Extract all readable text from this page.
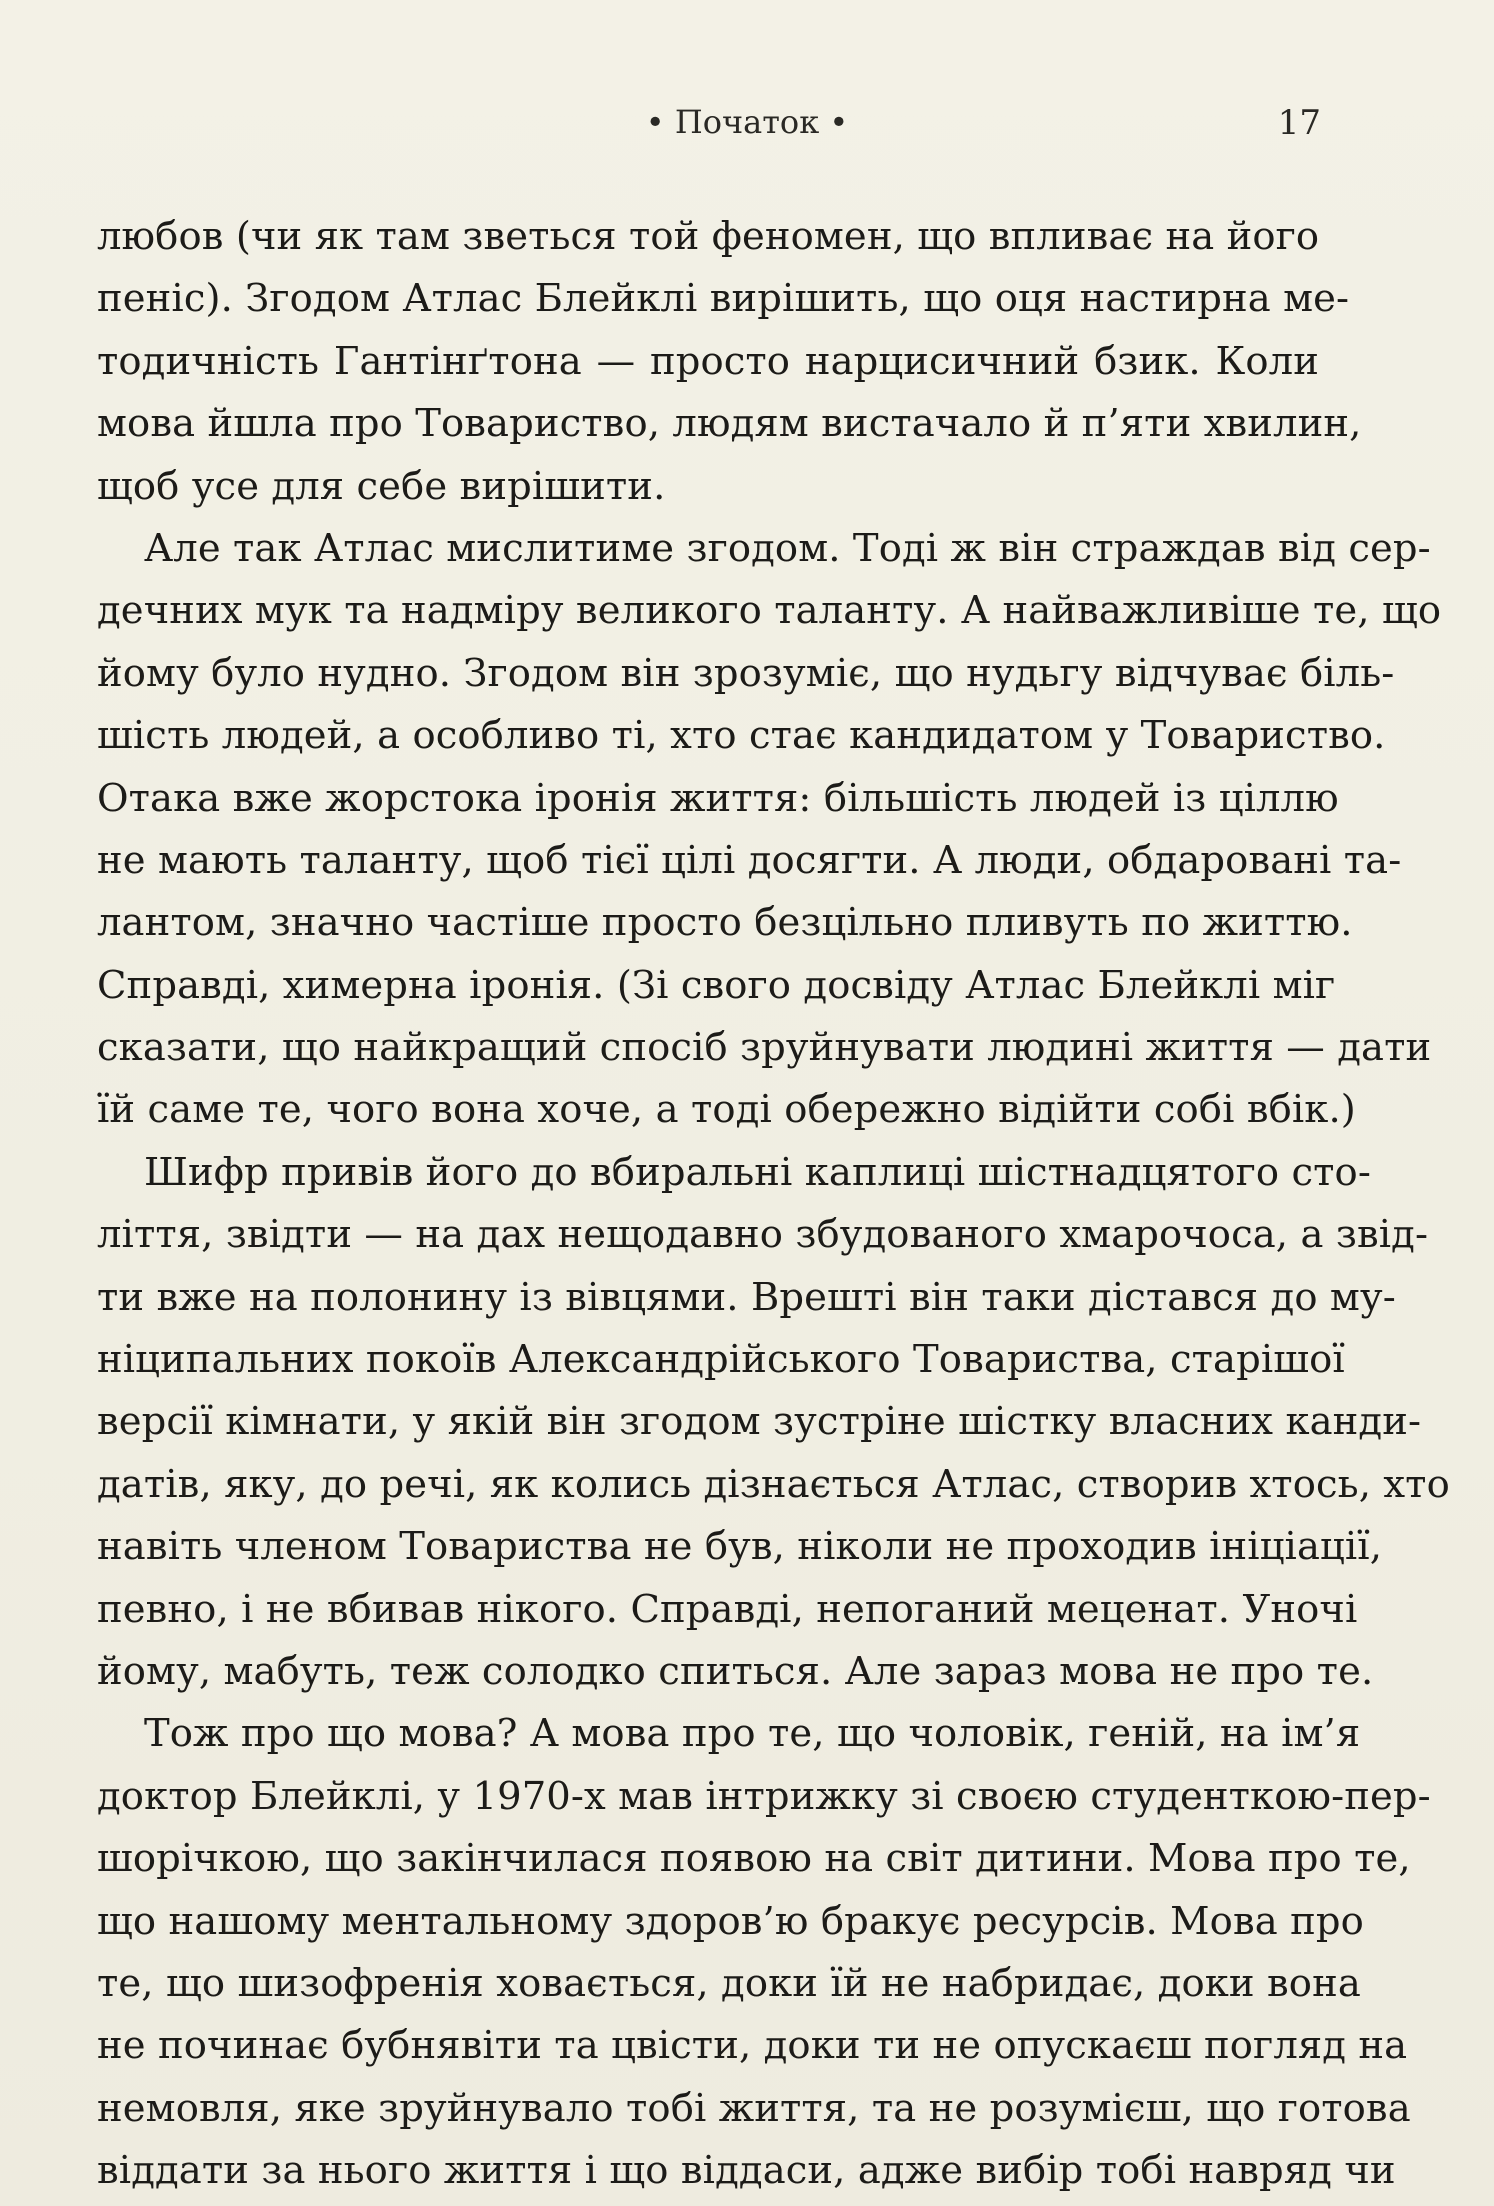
• Початок •	17
любов (чи як там зветься той феномен, що впливає на його
пеніс). Згодом Атлас Блейклі вирішить, що оця настирна ме-
тодичність Гантінґтона — просто нарцисичний бзик. Коли
мова йшла про Товариство, людям вистачало й п’яти хвилин,
щоб усе для себе вирішити.
Але так Атлас мислитиме згодом. Тоді ж він страждав від сер-
дечних мук та надміру великого таланту. А найважливіше те, що
йому було нудно. Згодом він зрозуміє, що нудьгу відчуває біль-
шість людей, а особливо ті, хто стає кандидатом у Товариство.
Отака вже жорстока іронія життя: більшість людей із ціллю
не мають таланту, щоб тієї цілі досягти. А люди, обдаровані та-
лантом, значно частіше просто безцільно пливуть по життю.
Справді, химерна іронія. (Зі свого досвіду Атлас Блейклі міг
сказати, що найкращий спосіб зруйнувати людині життя — дати
їй саме те, чого вона хоче, а тоді обережно відійти собі вбік.)
Шифр привів його до вбиральні каплиці шістнадцятого сто-
ліття, звідти — на дах нещодавно збудованого хмарочоса, а звід-
ти вже на полонину із вівцями. Врешті він таки дістався до му-
ніципальних покоїв Александрійського Товариства, старішої
версії кімнати, у якій він згодом зустріне шістку власних канди-
датів, яку, до речі, як колись дізнається Атлас, створив хтось, хто
навіть членом Товариства не був, ніколи не проходив ініціації,
певно, і не вбивав нікого. Справді, непоганий меценат. Уночі
йому, мабуть, теж солодко спиться. Але зараз мова не про те.
Тож про що мова? А мова про те, що чоловік, геній, на ім’я
доктор Блейклі, у 1970-х мав інтрижку зі своєю студенткою-пер-
шорічкою, що закінчилася появою на світ дитини. Мова про те,
що нашому ментальному здоров’ю бракує ресурсів. Мова про
те, що шизофренія ховається, доки їй не набридає, доки вона
не починає бубнявіти та цвісти, доки ти не опускаєш погляд на
немовля, яке зруйнувало тобі життя, та не розумієш, що готова
віддати за нього життя і що віддаси, адже вибір тобі навряд чи
